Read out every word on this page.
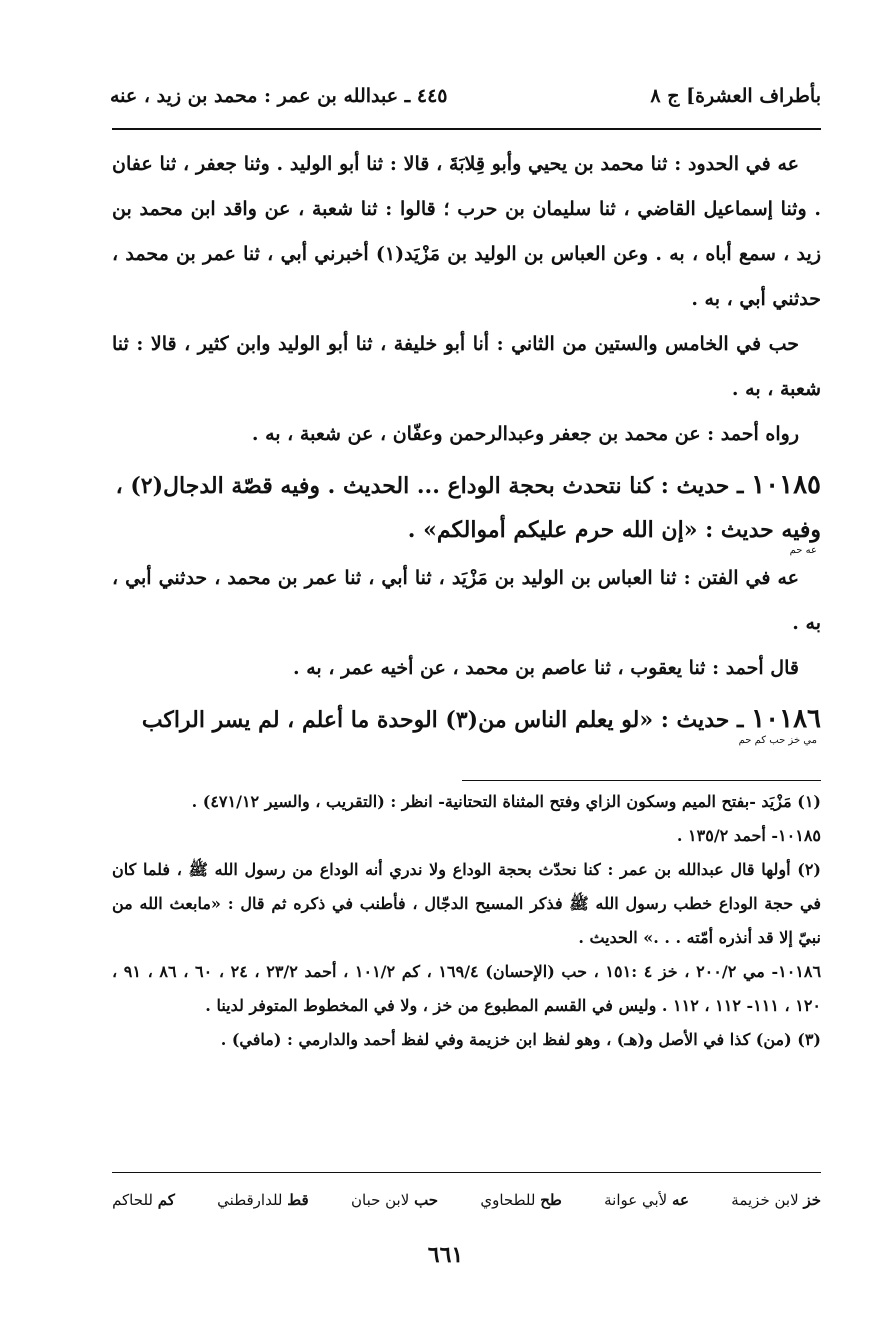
بأطراف العشرة] ج ٨
٤٤٥ ـ عبدالله بن عمر : محمد بن زيد ، عنه

عه في الحدود : ثنا محمد بن يحيي وأبو قِلابَةَ ، قالا : ثنا أبو الوليد . وثنا جعفر ، ثنا عفان . وثنا إسماعيل القاضي ، ثنا سليمان بن حرب ؛ قالوا : ثنا شعبة ، عن واقد ابن محمد بن زيد ، سمع أباه ، به . وعن العباس بن الوليد بن مَزْيَد(١) أخبرني أبي ، ثنا عمر بن محمد ، حدثني أبي ، به .

حب في الخامس والستين من الثاني : أنا أبو خليفة ، ثنا أبو الوليد وابن كثير ، قالا : ثنا شعبة ، به .

رواه أحمد : عن محمد بن جعفر وعبدالرحمن وعفّان ، عن شعبة ، به .

١٠١٨٥ ـ حديث : كنا نتحدث بحجة الوداع ... الحديث . وفيه قصّة الدجال(٢) ، وفيه حديث : «إن الله حرم عليكم أموالكم» .
عه حم

عه في الفتن : ثنا العباس بن الوليد بن مَزْيَد ، ثنا أبي ، ثنا عمر بن محمد ، حدثني أبي ، به .

قال أحمد : ثنا يعقوب ، ثنا عاصم بن محمد ، عن أخيه عمر ، به .

١٠١٨٦ ـ حديث : «لو يعلم الناس من(٣) الوحدة ما أعلم ، لم يسر الراكب
مي خز حب كم حم

(١) مَزْيَد -بفتح الميم وسكون الزاي وفتح المثناة التحتانية- انظر : (التقريب ، والسير ٤٧١/١٢) .

١٠١٨٥- أحمد ١٣٥/٢ .

(٢) أولها قال عبدالله بن عمر : كنا نحدّث بحجة الوداع ولا ندري أنه الوداع من رسول الله ﷺ ، فلما كان في حجة الوداع خطب رسول الله ﷺ فذكر المسيح الدجّال ، فأطنب في ذكره ثم قال : «مابعث الله من نبيّ إلا قد أنذره أمّته . . .» الحديث .

١٠١٨٦- مي ٢٠٠/٢ ، خز ٤ :١٥١ ، حب (الإحسان) ١٦٩/٤ ، كم ١٠١/٢ ، أحمد ٢٣/٢ ، ٢٤ ، ٦٠ ، ٨٦ ، ٩١ ، ١٢٠ ، ١١١- ١١٢ ، ١١٢ . وليس في القسم المطبوع من خز ، ولا في المخطوط المتوفر لدينا .

(٣) (من) كذا في الأصل و(هـ) ، وهو لفظ ابن خزيمة وفي لفظ أحمد والدارمي : (مافي) .

خز لابن خزيمة
عه لأبي عوانة
طح للطحاوي
حب لابن حبان
قط للدارقطني
كم للحاكم
٦٦١
